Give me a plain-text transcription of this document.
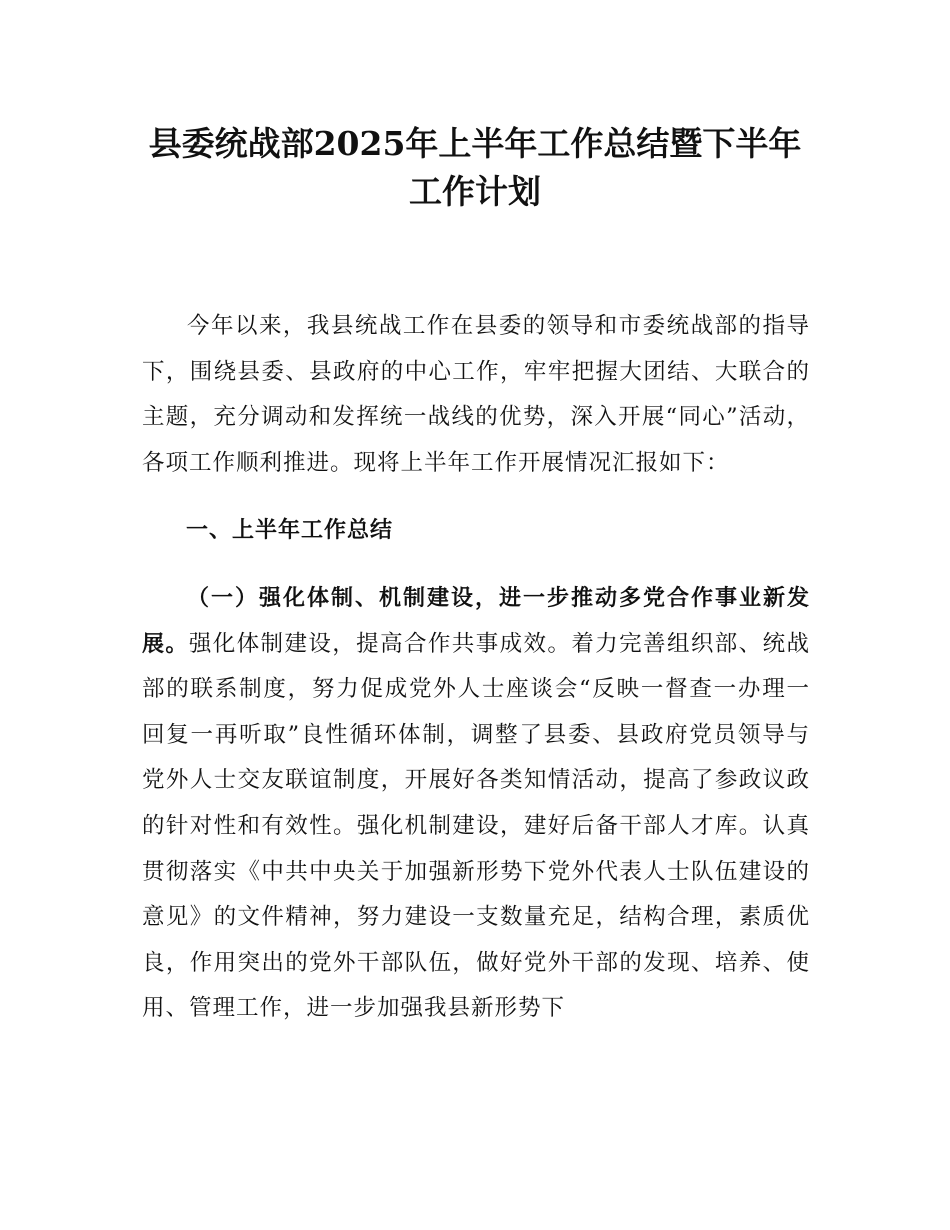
县委统战部2025年上半年工作总结暨下半年
工作计划

今年以来，我县统战工作在县委的领导和市委统战部的指导下，围绕县委、县政府的中心工作，牢牢把握大团结、大联合的主题，充分调动和发挥统一战线的优势，深入开展“同心”活动，各项工作顺利推进。现将上半年工作开展情况汇报如下：

一、上半年工作总结

（一）强化体制、机制建设，进一步推动多党合作事业新发展。强化体制建设，提高合作共事成效。着力完善组织部、统战部的联系制度，努力促成党外人士座谈会“反映一督查一办理一回复一再听取”良性循环体制，调整了县委、县政府党员领导与党外人士交友联谊制度，开展好各类知情活动，提高了参政议政的针对性和有效性。强化机制建设，建好后备干部人才库。认真贯彻落实《中共中央关于加强新形势下党外代表人士队伍建设的意见》的文件精神，努力建设一支数量充足，结构合理，素质优良，作用突出的党外干部队伍，做好党外干部的发现、培养、使用、管理工作，进一步加强我县新形势下
